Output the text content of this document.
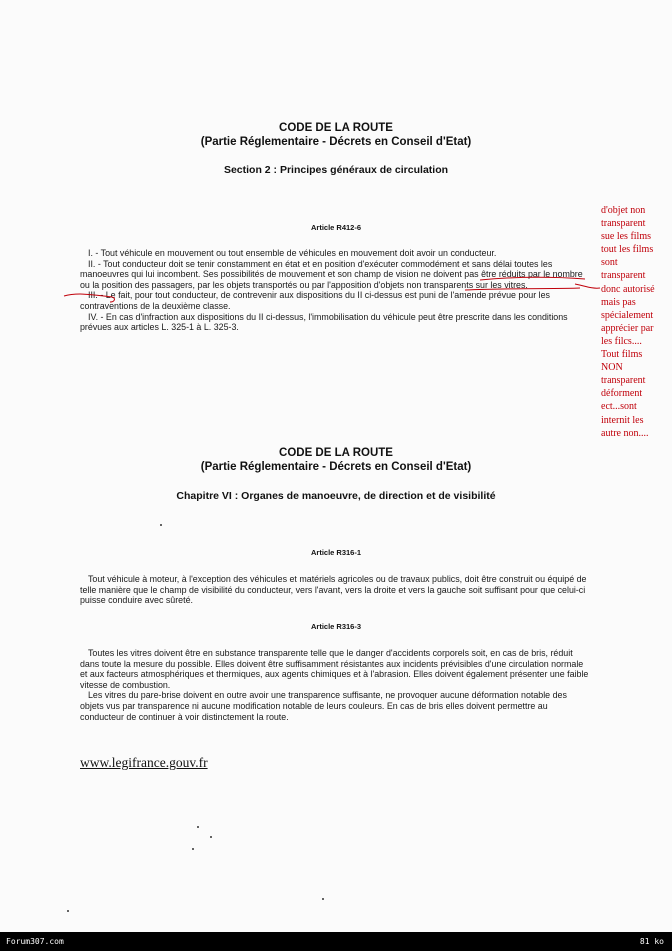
CODE DE LA ROUTE
(Partie Réglementaire - Décrets en Conseil d'Etat)
Section 2 : Principes généraux de circulation
Article R412-6

I. - Tout véhicule en mouvement ou tout ensemble de véhicules en mouvement doit avoir un conducteur.

II. - Tout conducteur doit se tenir constamment en état et en position d'exécuter commodément et sans délai toutes les manoeuvres qui lui incombent. Ses possibilités de mouvement et son champ de vision ne doivent pas être réduits par le nombre ou la position des passagers, par les objets transportés ou par l'apposition d'objets non transparents sur les vitres.

III. - Le fait, pour tout conducteur, de contrevenir aux dispositions du II ci-dessus est puni de l'amende prévue pour les contraventions de la deuxième classe.

IV. - En cas d'infraction aux dispositions du II ci-dessus, l'immobilisation du véhicule peut être prescrite dans les conditions prévues aux articles L. 325-1 à L. 325-3.

d'objet non
transparent
sue les films
tout les films
sont
transparent
donc autorisé
mais pas
spécialement
apprécier par
les filcs....
Tout films
NON
transparent
déforment
ect...sont
internit les
autre non....
CODE DE LA ROUTE
(Partie Réglementaire - Décrets en Conseil d'Etat)
Chapitre VI : Organes de manoeuvre, de direction et de visibilité
Article R316-1

Tout véhicule à moteur, à l'exception des véhicules et matériels agricoles ou de travaux publics, doit être construit ou équipé de telle manière que le champ de visibilité du conducteur, vers l'avant, vers la droite et vers la gauche soit suffisant pour que celui-ci puisse conduire avec sûreté.

Article R316-3

Toutes les vitres doivent être en substance transparente telle que le danger d'accidents corporels soit, en cas de bris, réduit dans toute la mesure du possible. Elles doivent être suffisamment résistantes aux incidents prévisibles d'une circulation normale et aux facteurs atmosphériques et thermiques, aux agents chimiques et à l'abrasion. Elles doivent également présenter une faible vitesse de combustion.

Les vitres du pare-brise doivent en outre avoir une transparence suffisante, ne provoquer aucune déformation notable des objets vus par transparence ni aucune modification notable de leurs couleurs. En cas de bris elles doivent permettre au conducteur de continuer à voir distinctement la route.

www.legifrance.gouv.fr
Forum307.com	81 ko
